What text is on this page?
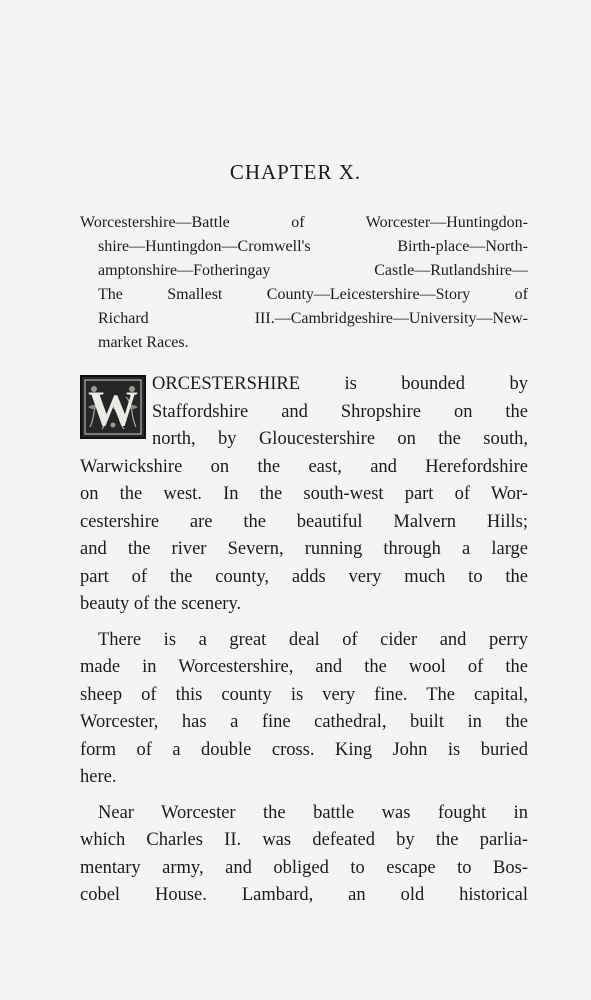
CHAPTER X.
Worcestershire—Battle of Worcester—Huntingdon-
shire—Huntingdon—Cromwell's Birth-place—North-
amptonshire—Fotheringay Castle—Rutlandshire—
The Smallest County—Leicestershire—Story of
Richard III.—Cambridgeshire—University—New-
market Races.
W ORCESTERSHIRE is bounded by
Staffordshire and Shropshire on the
north, by Gloucestershire on the south,
Warwickshire on the east, and Herefordshire
on the west. In the south-west part of Wor-
cestershire are the beautiful Malvern Hills;
and the river Severn, running through a large
part of the county, adds very much to the
beauty of the scenery.

There is a great deal of cider and perry
made in Worcestershire, and the wool of the
sheep of this county is very fine. The capital,
Worcester, has a fine cathedral, built in the
form of a double cross. King John is buried
here.

Near Worcester the battle was fought in
which Charles II. was defeated by the parlia-
mentary army, and obliged to escape to Bos-
cobel House. Lambard, an old historical
